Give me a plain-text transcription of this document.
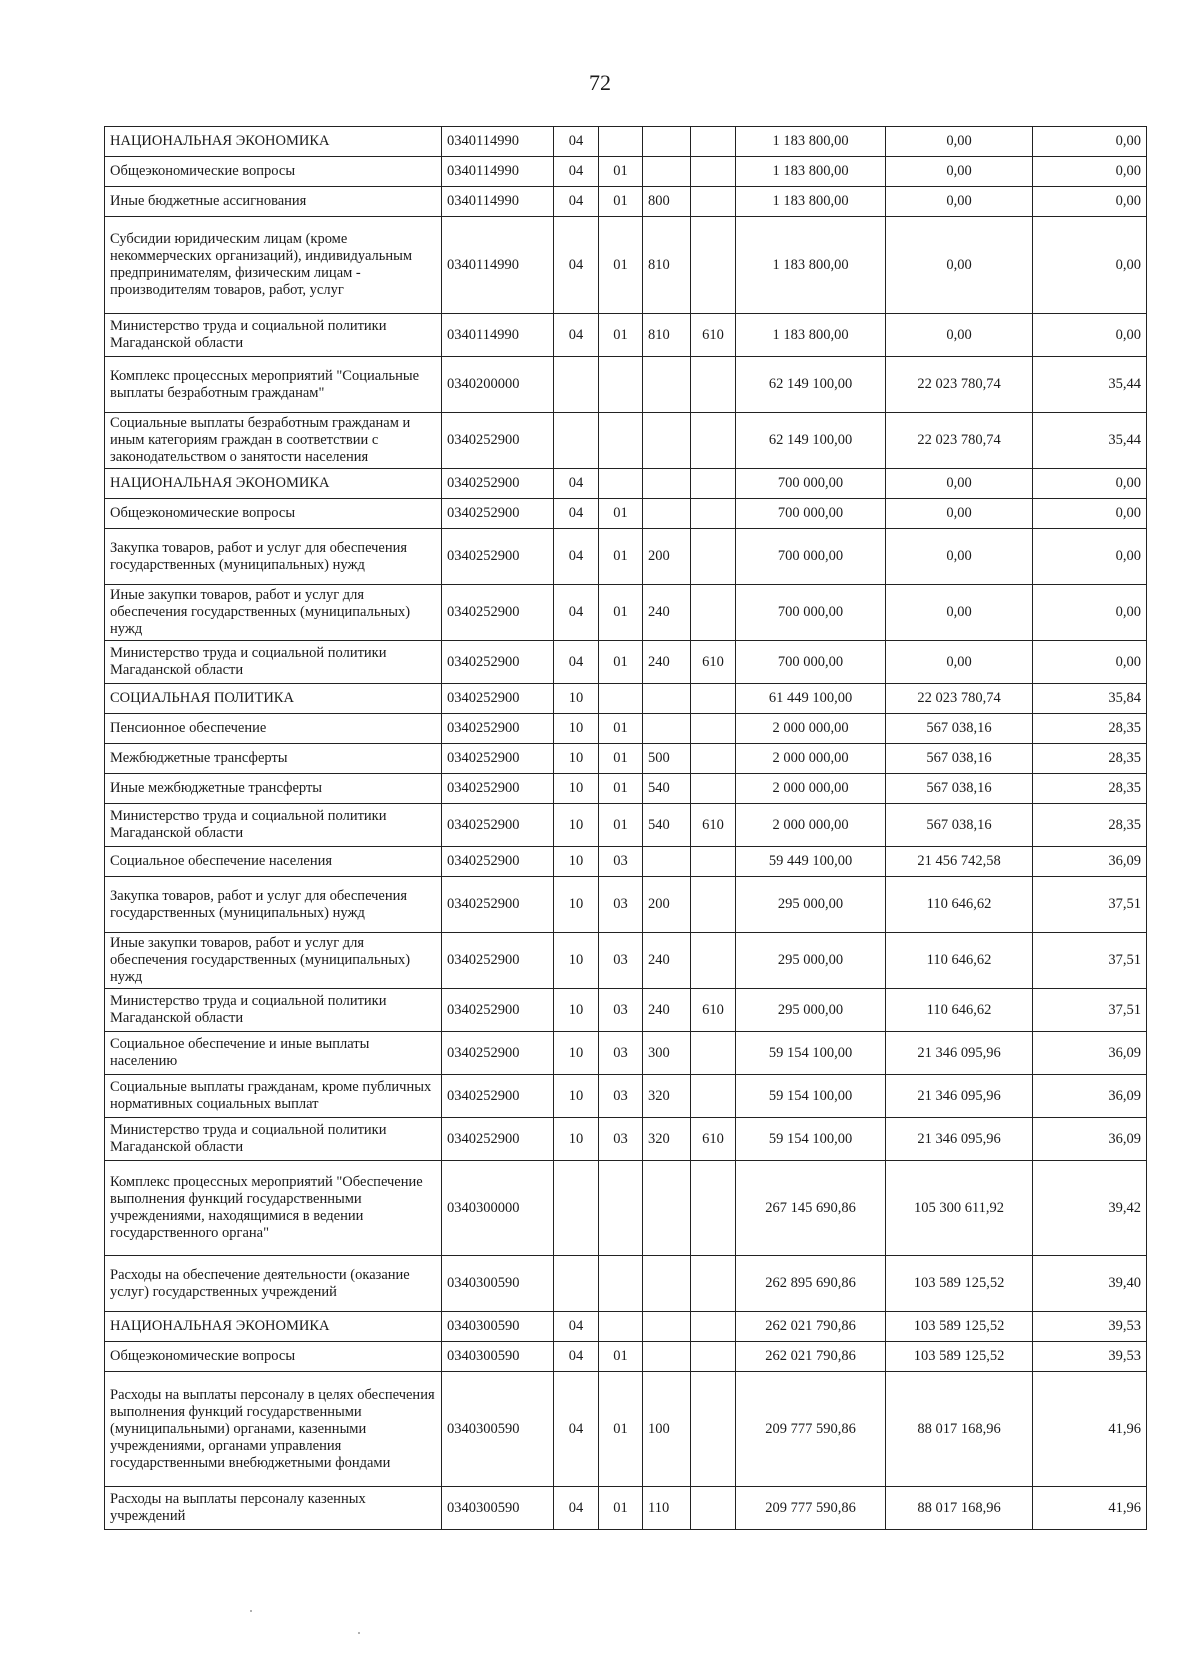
72
НАЦИОНАЛЬНАЯ ЭКОНОМИКА	0340114990	04				1 183 800,00	0,00	0,00
Общеэкономические вопросы	0340114990	04	01			1 183 800,00	0,00	0,00
Иные бюджетные ассигнования	0340114990	04	01	800		1 183 800,00	0,00	0,00
Субсидии юридическим лицам (кроме некоммерческих организаций), индивидуальным предпринимателям, физическим лицам - производителям товаров, работ, услуг	0340114990	04	01	810		1 183 800,00	0,00	0,00
Министерство труда и социальной политики Магаданской области	0340114990	04	01	810	610	1 183 800,00	0,00	0,00
Комплекс процессных мероприятий "Социальные выплаты безработным гражданам"	0340200000					62 149 100,00	22 023 780,74	35,44
Социальные выплаты безработным гражданам и иным категориям граждан в соответствии с законодательством о занятости населения	0340252900					62 149 100,00	22 023 780,74	35,44
НАЦИОНАЛЬНАЯ ЭКОНОМИКА	0340252900	04				700 000,00	0,00	0,00
Общеэкономические вопросы	0340252900	04	01			700 000,00	0,00	0,00
Закупка товаров, работ и услуг для обеспечения государственных (муниципальных) нужд	0340252900	04	01	200		700 000,00	0,00	0,00
Иные закупки товаров, работ и услуг для обеспечения государственных (муниципальных) нужд	0340252900	04	01	240		700 000,00	0,00	0,00
Министерство труда и социальной политики Магаданской области	0340252900	04	01	240	610	700 000,00	0,00	0,00
СОЦИАЛЬНАЯ ПОЛИТИКА	0340252900	10				61 449 100,00	22 023 780,74	35,84
Пенсионное обеспечение	0340252900	10	01			2 000 000,00	567 038,16	28,35
Межбюджетные трансферты	0340252900	10	01	500		2 000 000,00	567 038,16	28,35
Иные межбюджетные трансферты	0340252900	10	01	540		2 000 000,00	567 038,16	28,35
Министерство труда и социальной политики Магаданской области	0340252900	10	01	540	610	2 000 000,00	567 038,16	28,35
Социальное обеспечение населения	0340252900	10	03			59 449 100,00	21 456 742,58	36,09
Закупка товаров, работ и услуг для обеспечения государственных (муниципальных) нужд	0340252900	10	03	200		295 000,00	110 646,62	37,51
Иные закупки товаров, работ и услуг для обеспечения государственных (муниципальных) нужд	0340252900	10	03	240		295 000,00	110 646,62	37,51
Министерство труда и социальной политики Магаданской области	0340252900	10	03	240	610	295 000,00	110 646,62	37,51
Социальное обеспечение и иные выплаты населению	0340252900	10	03	300		59 154 100,00	21 346 095,96	36,09
Социальные выплаты гражданам, кроме публичных нормативных социальных выплат	0340252900	10	03	320		59 154 100,00	21 346 095,96	36,09
Министерство труда и социальной политики Магаданской области	0340252900	10	03	320	610	59 154 100,00	21 346 095,96	36,09
Комплекс процессных мероприятий "Обеспечение выполнения функций государственными учреждениями, находящимися в ведении государственного органа"	0340300000					267 145 690,86	105 300 611,92	39,42
Расходы на обеспечение деятельности (оказание услуг) государственных учреждений	0340300590					262 895 690,86	103 589 125,52	39,40
НАЦИОНАЛЬНАЯ ЭКОНОМИКА	0340300590	04				262 021 790,86	103 589 125,52	39,53
Общеэкономические вопросы	0340300590	04	01			262 021 790,86	103 589 125,52	39,53
Расходы на выплаты персоналу в целях обеспечения выполнения функций государственными (муниципальными) органами, казенными учреждениями, органами управления государственными внебюджетными фондами	0340300590	04	01	100		209 777 590,86	88 017 168,96	41,96
Расходы на выплаты персоналу казенных учреждений	0340300590	04	01	110		209 777 590,86	88 017 168,96	41,96
